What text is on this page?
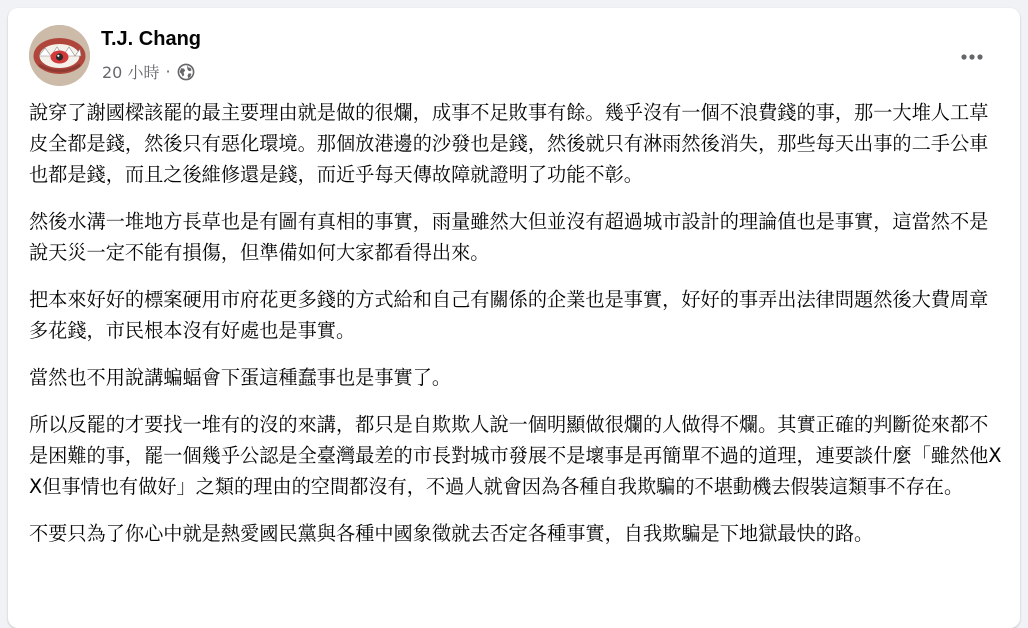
T.J. Chang
20 小時 ·

說穿了謝國樑該罷的最主要理由就是做的很爛，成事不足敗事有餘。幾乎沒有一個不浪費錢的事，那一大堆人工草皮全都是錢，然後只有惡化環境。那個放港邊的沙發也是錢，然後就只有淋雨然後消失，那些每天出事的二手公車也都是錢，而且之後維修還是錢，而近乎每天傳故障就證明了功能不彰。

然後水溝一堆地方長草也是有圖有真相的事實，雨量雖然大但並沒有超過城市設計的理論值也是事實，這當然不是說天災一定不能有損傷，但準備如何大家都看得出來。

把本來好好的標案硬用市府花更多錢的方式給和自己有關係的企業也是事實，好好的事弄出法律問題然後大費周章多花錢，市民根本沒有好處也是事實。

當然也不用說講蝙蝠會下蛋這種蠢事也是事實了。

所以反罷的才要找一堆有的沒的來講，都只是自欺欺人說一個明顯做很爛的人做得不爛。其實正確的判斷從來都不是困難的事，罷一個幾乎公認是全臺灣最差的市長對城市發展不是壞事是再簡單不過的道理，連要談什麼「雖然他XX但事情也有做好」之類的理由的空間都沒有，不過人就會因為各種自我欺騙的不堪動機去假裝這類事不存在。

不要只為了你心中就是熱愛國民黨與各種中國象徵就去否定各種事實，自我欺騙是下地獄最快的路。
